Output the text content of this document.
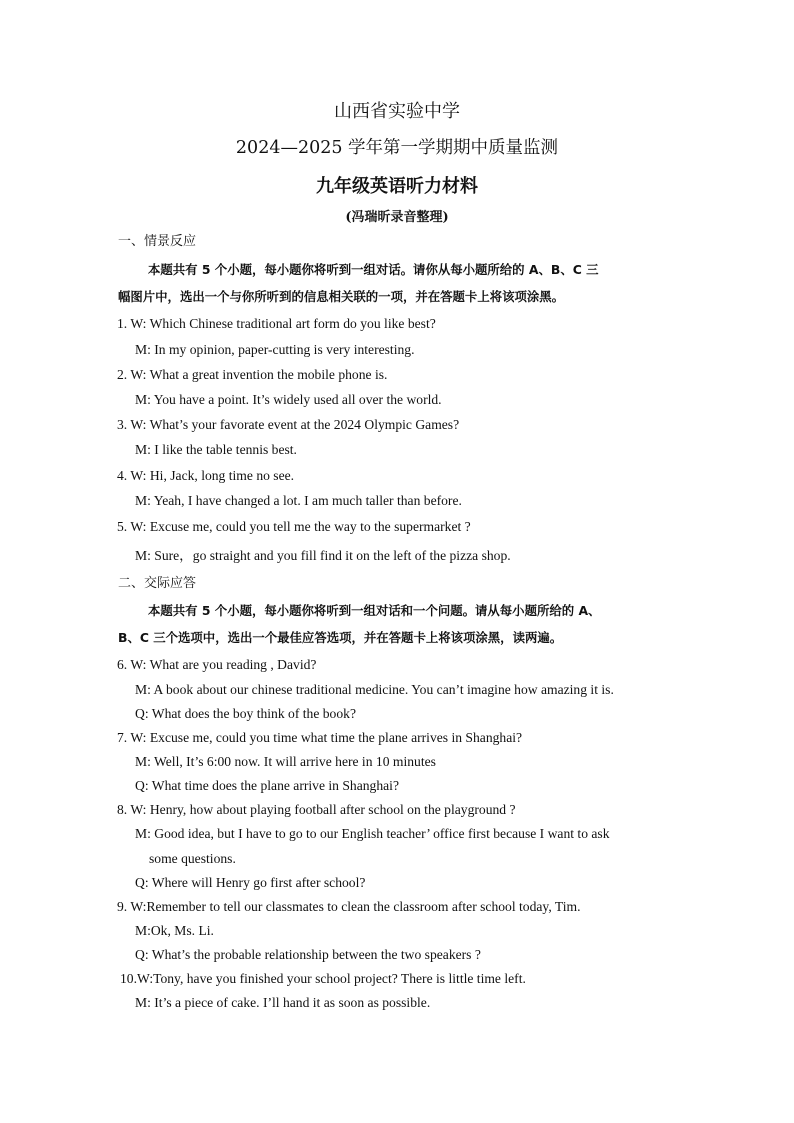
山西省实验中学
2024—2025 学年第一学期期中质量监测
九年级英语听力材料
(冯瑞昕录音整理)
一、情景反应
本题共有 5 个小题，每小题你将听到一组对话。请你从每小题所给的 A、B、C 三
幅图片中，选出一个与你所听到的信息相关联的一项，并在答题卡上将该项涂黑。
1. W: Which Chinese traditional art form do you like best?
M: In my opinion, paper-cutting is very interesting.
2. W: What a great invention the mobile phone is.
M: You have a point. It’s widely used all over the world.
3. W: What’s your favorate event at the 2024 Olympic Games?
M: I like the table tennis best.
4. W: Hi, Jack, long time no see.
M: Yeah, I have changed a lot. I am much taller than before.
5. W: Excuse me, could you tell me the way to the supermarket ?
M: Sure，go straight and you fill find it on the left of the pizza shop.
二、交际应答
本题共有 5 个小题，每小题你将听到一组对话和一个问题。请从每小题所给的 A、
B、C 三个选项中，选出一个最佳应答选项，并在答题卡上将该项涂黑，读两遍。
6. W: What are you reading , David?
M: A book about our chinese traditional medicine. You can’t imagine how amazing it is.
Q: What does the boy think of the book?
7. W: Excuse me, could you time what time the plane arrives in Shanghai?
M: Well, It’s 6:00 now. It will arrive here in 10 minutes
Q: What time does the plane arrive in Shanghai?
8. W: Henry, how about playing football after school on the playground ?
M: Good idea, but I have to go to our English teacher’ office first because I want to ask
some questions.
Q: Where will Henry go first after school?
9. W:Remember to tell our classmates to clean the classroom after school today, Tim.
M:Ok, Ms. Li.
Q: What’s the probable relationship between the two speakers ?
10.W:Tony, have you finished your school project? There is little time left.
M: It’s a piece of cake. I’ll hand it as soon as possible.
